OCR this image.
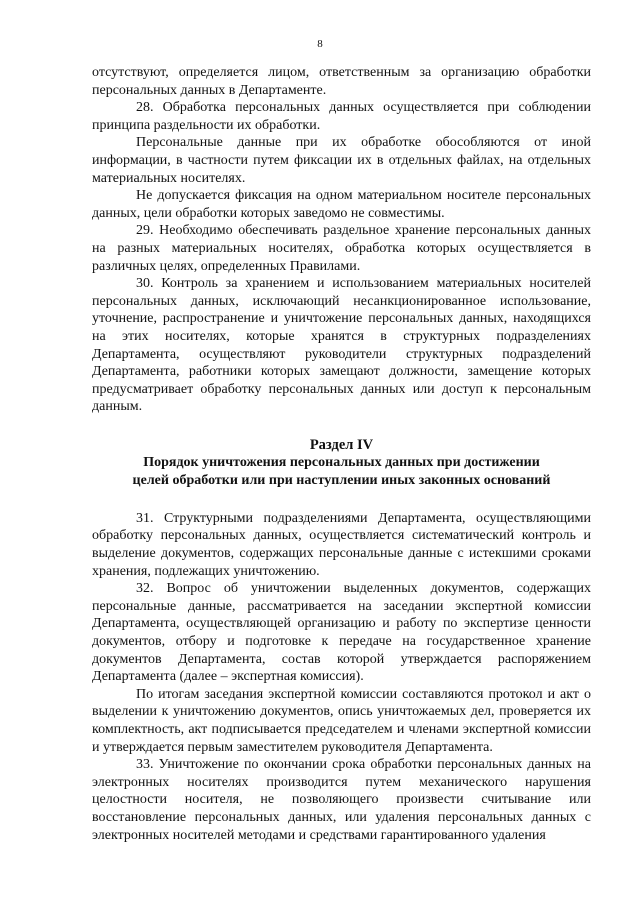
8

отсутствуют, определяется лицом, ответственным за организацию обработки персональных данных в Департаменте.

28. Обработка персональных данных осуществляется при соблюдении принципа раздельности их обработки.

Персональные данные при их обработке обособляются от иной информации, в частности путем фиксации их в отдельных файлах, на отдельных материальных носителях.

Не допускается фиксация на одном материальном носителе персональных данных, цели обработки которых заведомо не совместимы.

29. Необходимо обеспечивать раздельное хранение персональных данных на разных материальных носителях, обработка которых осуществляется в различных целях, определенных Правилами.

30. Контроль за хранением и использованием материальных носителей персональных данных, исключающий несанкционированное использование, уточнение, распространение и уничтожение персональных данных, находящихся на этих носителях, которые хранятся в структурных подразделениях Департамента, осуществляют руководители структурных подразделений Департамента, работники которых замещают должности, замещение которых предусматривает обработку персональных данных или доступ к персональным данным.

Раздел IV
Порядок уничтожения персональных данных при достижении
целей обработки или при наступлении иных законных оснований

31. Структурными подразделениями Департамента, осуществляющими обработку персональных данных, осуществляется систематический контроль и выделение документов, содержащих персональные данные с истекшими сроками хранения, подлежащих уничтожению.

32. Вопрос об уничтожении выделенных документов, содержащих персональные данные, рассматривается на заседании экспертной комиссии Департамента, осуществляющей организацию и работу по экспертизе ценности документов, отбору и подготовке к передаче на государственное хранение документов Департамента, состав которой утверждается распоряжением Департамента (далее – экспертная комиссия).

По итогам заседания экспертной комиссии составляются протокол и акт о выделении к уничтожению документов, опись уничтожаемых дел, проверяется их комплектность, акт подписывается председателем и членами экспертной комиссии и утверждается первым заместителем руководителя Департамента.

33. Уничтожение по окончании срока обработки персональных данных на электронных носителях производится путем механического нарушения целостности носителя, не позволяющего произвести считывание или восстановление персональных данных, или удаления персональных данных с электронных носителей методами и средствами гарантированного удаления
